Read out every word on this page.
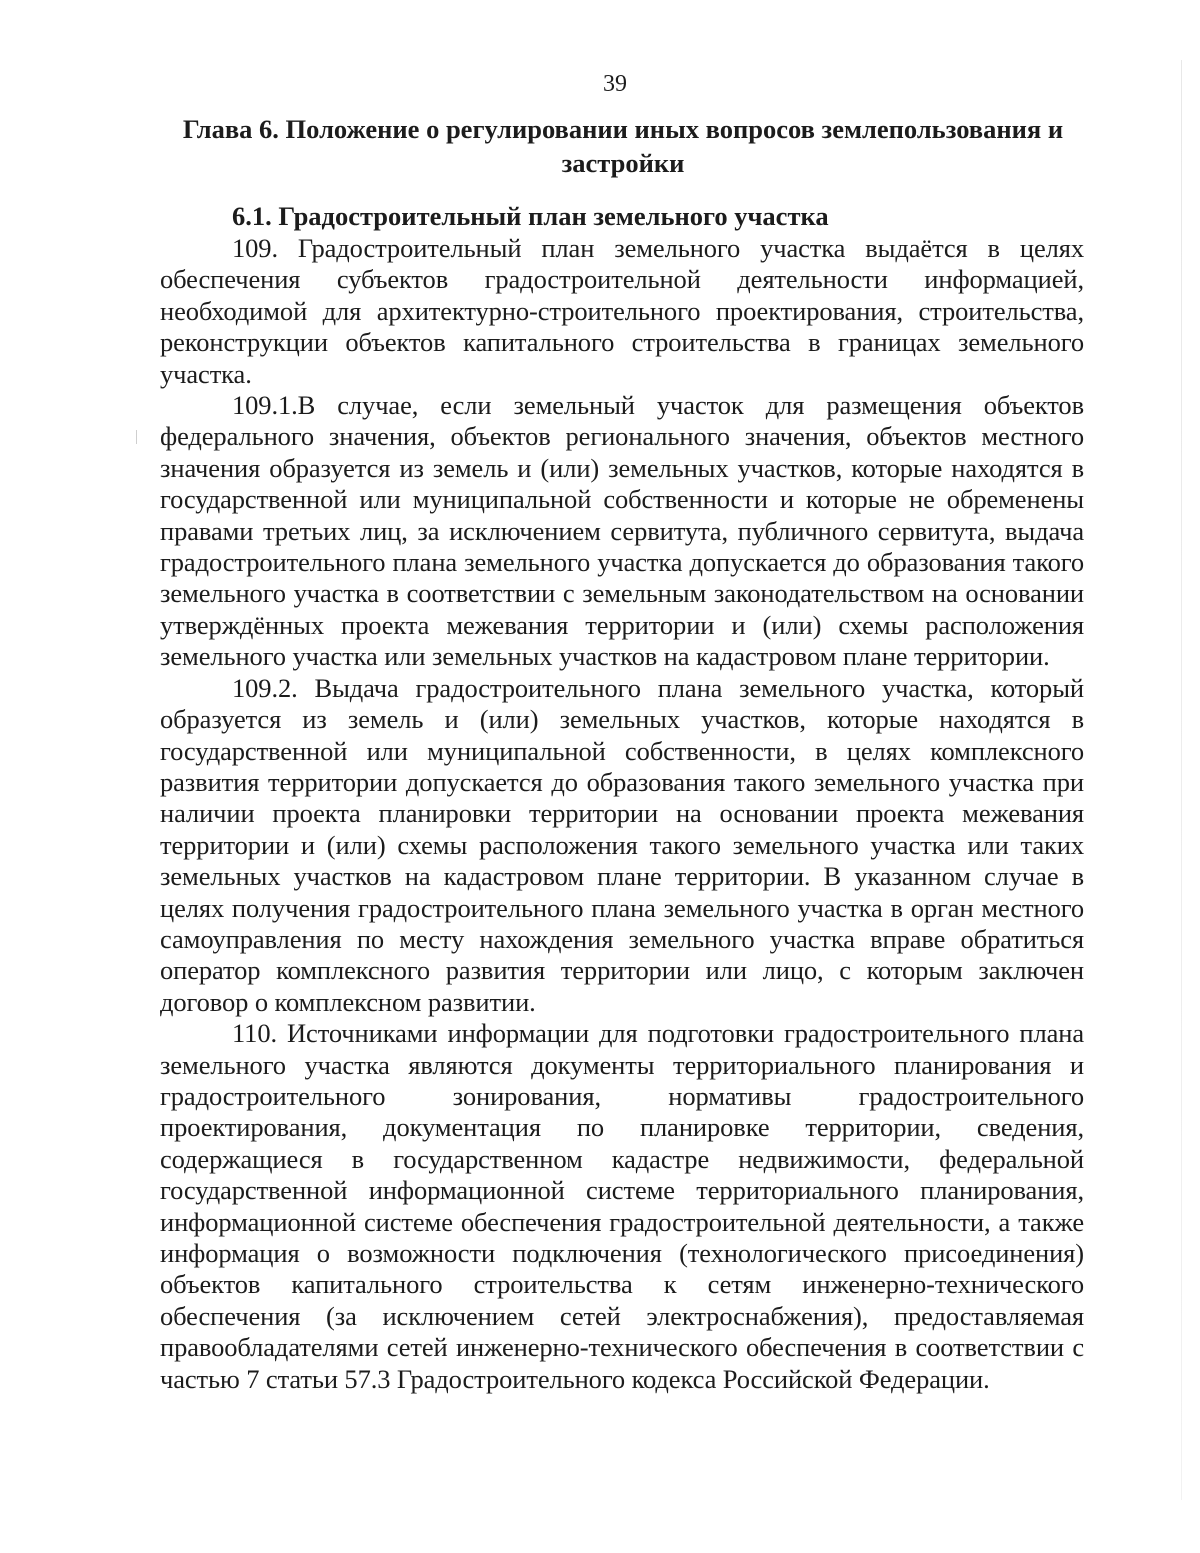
39
Глава 6. Положение о регулировании иных вопросов землепользования и застройки
6.1. Градостроительный план земельного участка

109. Градостроительный план земельного участка выдаётся в целях обеспечения субъектов градостроительной деятельности информацией, необходимой для архитектурно-строительного проектирования, строительства, реконструкции объектов капитального строительства в границах земельного участка.

109.1.В случае, если земельный участок для размещения объектов федерального значения, объектов регионального значения, объектов местного значения образуется из земель и (или) земельных участков, которые находятся в государственной или муниципальной собственности и которые не обременены правами третьих лиц, за исключением сервитута, публичного сервитута, выдача градостроительного плана земельного участка допускается до образования такого земельного участка в соответствии с земельным законодательством на основании утверждённых проекта межевания территории и (или) схемы расположения земельного участка или земельных участков на кадастровом плане территории.

109.2. Выдача градостроительного плана земельного участка, который образуется из земель и (или) земельных участков, которые находятся в государственной или муниципальной собственности, в целях комплексного развития территории допускается до образования такого земельного участка при наличии проекта планировки территории на основании проекта межевания территории и (или) схемы расположения такого земельного участка или таких земельных участков на кадастровом плане территории. В указанном случае в целях получения градостроительного плана земельного участка в орган местного самоуправления по месту нахождения земельного участка вправе обратиться оператор комплексного развития территории или лицо, с которым заключен договор о комплексном развитии.

110. Источниками информации для подготовки градостроительного плана земельного участка являются документы территориального планирования и градостроительного зонирования, нормативы градостроительного проектирования, документация по планировке территории, сведения, содержащиеся в государственном кадастре недвижимости, федеральной государственной информационной системе территориального планирования, информационной системе обеспечения градостроительной деятельности, а также информация о возможности подключения (технологического присоединения) объектов капитального строительства к сетям инженерно-технического обеспечения (за исключением сетей электроснабжения), предоставляемая правообладателями сетей инженерно-технического обеспечения в соответствии с частью 7 статьи 57.3 Градостроительного кодекса Российской Федерации.
